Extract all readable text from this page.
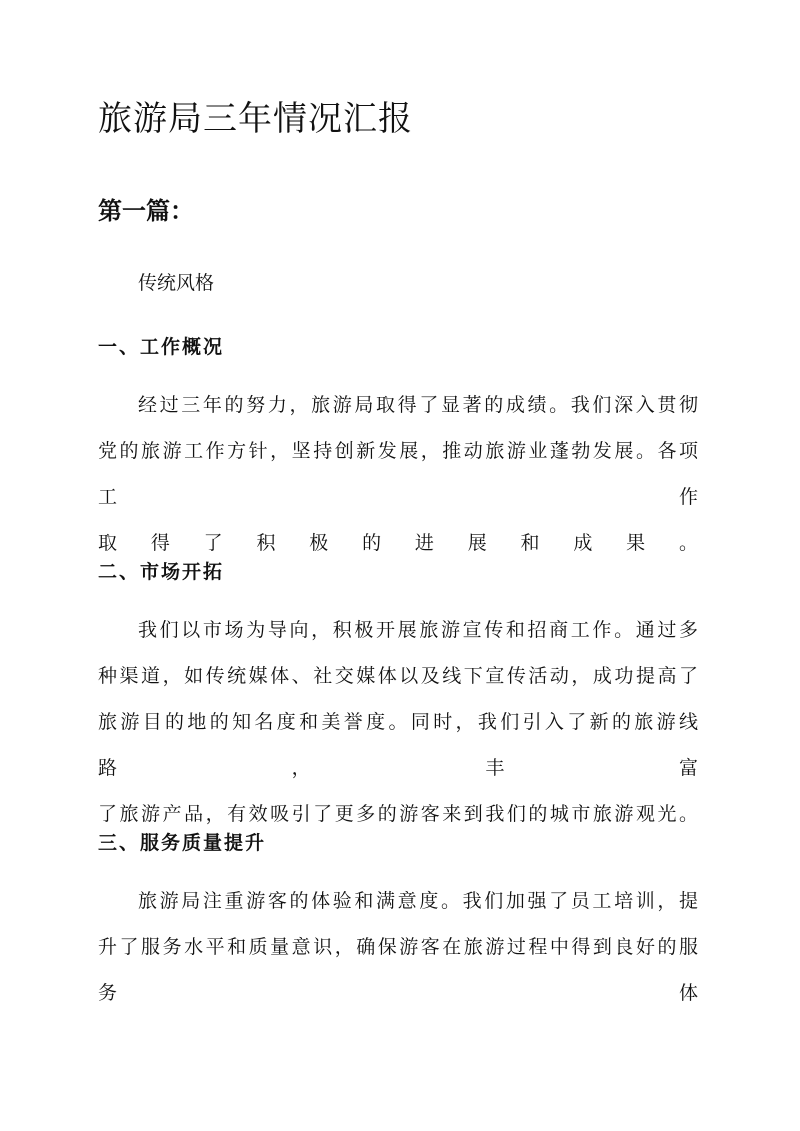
旅游局三年情况汇报
第一篇：

传统风格

一、工作概况

经过三年的努力，旅游局取得了显著的成绩。我们深入贯彻党的旅游工作方针，坚持创新发展，推动旅游业蓬勃发展。各项工作
取得了积极的进展和成果。

二、市场开拓

我们以市场为导向，积极开展旅游宣传和招商工作。通过多种渠道，如传统媒体、社交媒体以及线下宣传活动，成功提高了旅游目的地的知名度和美誉度。同时，我们引入了新的旅游线路，丰富
了旅游产品，有效吸引了更多的游客来到我们的城市旅游观光。

三、服务质量提升

旅游局注重游客的体验和满意度。我们加强了员工培训，提升了服务水平和质量意识，确保游客在旅游过程中得到良好的服务体
